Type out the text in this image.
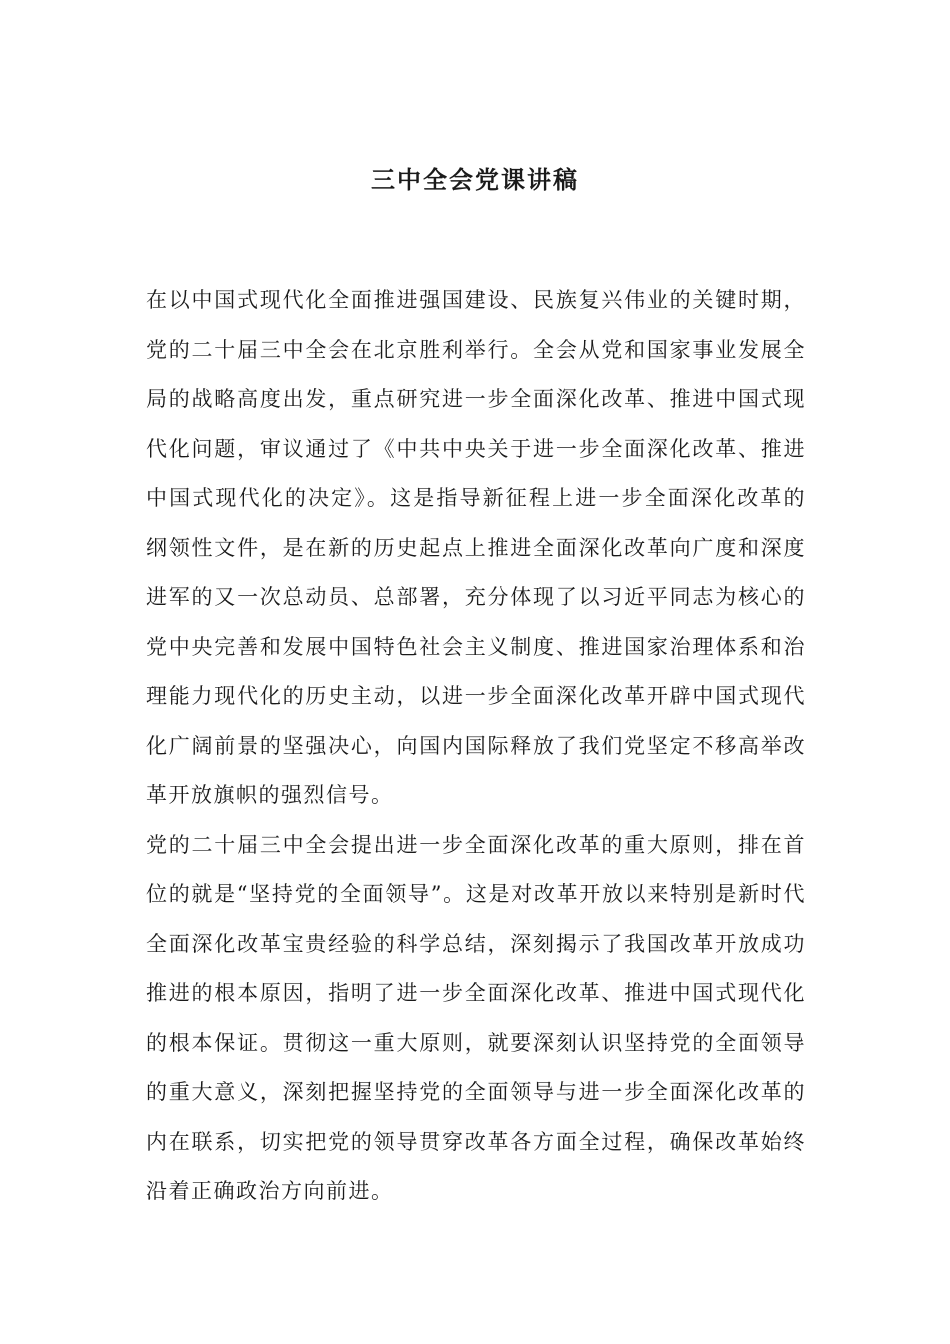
三中全会党课讲稿

在以中国式现代化全面推进强国建设、民族复兴伟业的关键时期，党的二十届三中全会在北京胜利举行。全会从党和国家事业发展全局的战略高度出发，重点研究进一步全面深化改革、推进中国式现代化问题，审议通过了《中共中央关于进一步全面深化改革、推进中国式现代化的决定》。这是指导新征程上进一步全面深化改革的纲领性文件，是在新的历史起点上推进全面深化改革向广度和深度进军的又一次总动员、总部署，充分体现了以习近平同志为核心的党中央完善和发展中国特色社会主义制度、推进国家治理体系和治理能力现代化的历史主动，以进一步全面深化改革开辟中国式现代化广阔前景的坚强决心，向国内国际释放了我们党坚定不移高举改革开放旗帜的强烈信号。

党的二十届三中全会提出进一步全面深化改革的重大原则，排在首位的就是“坚持党的全面领导”。这是对改革开放以来特别是新时代全面深化改革宝贵经验的科学总结，深刻揭示了我国改革开放成功推进的根本原因，指明了进一步全面深化改革、推进中国式现代化的根本保证。贯彻这一重大原则，就要深刻认识坚持党的全面领导的重大意义，深刻把握坚持党的全面领导与进一步全面深化改革的内在联系，切实把党的领导贯穿改革各方面全过程，确保改革始终沿着正确政治方向前进。
